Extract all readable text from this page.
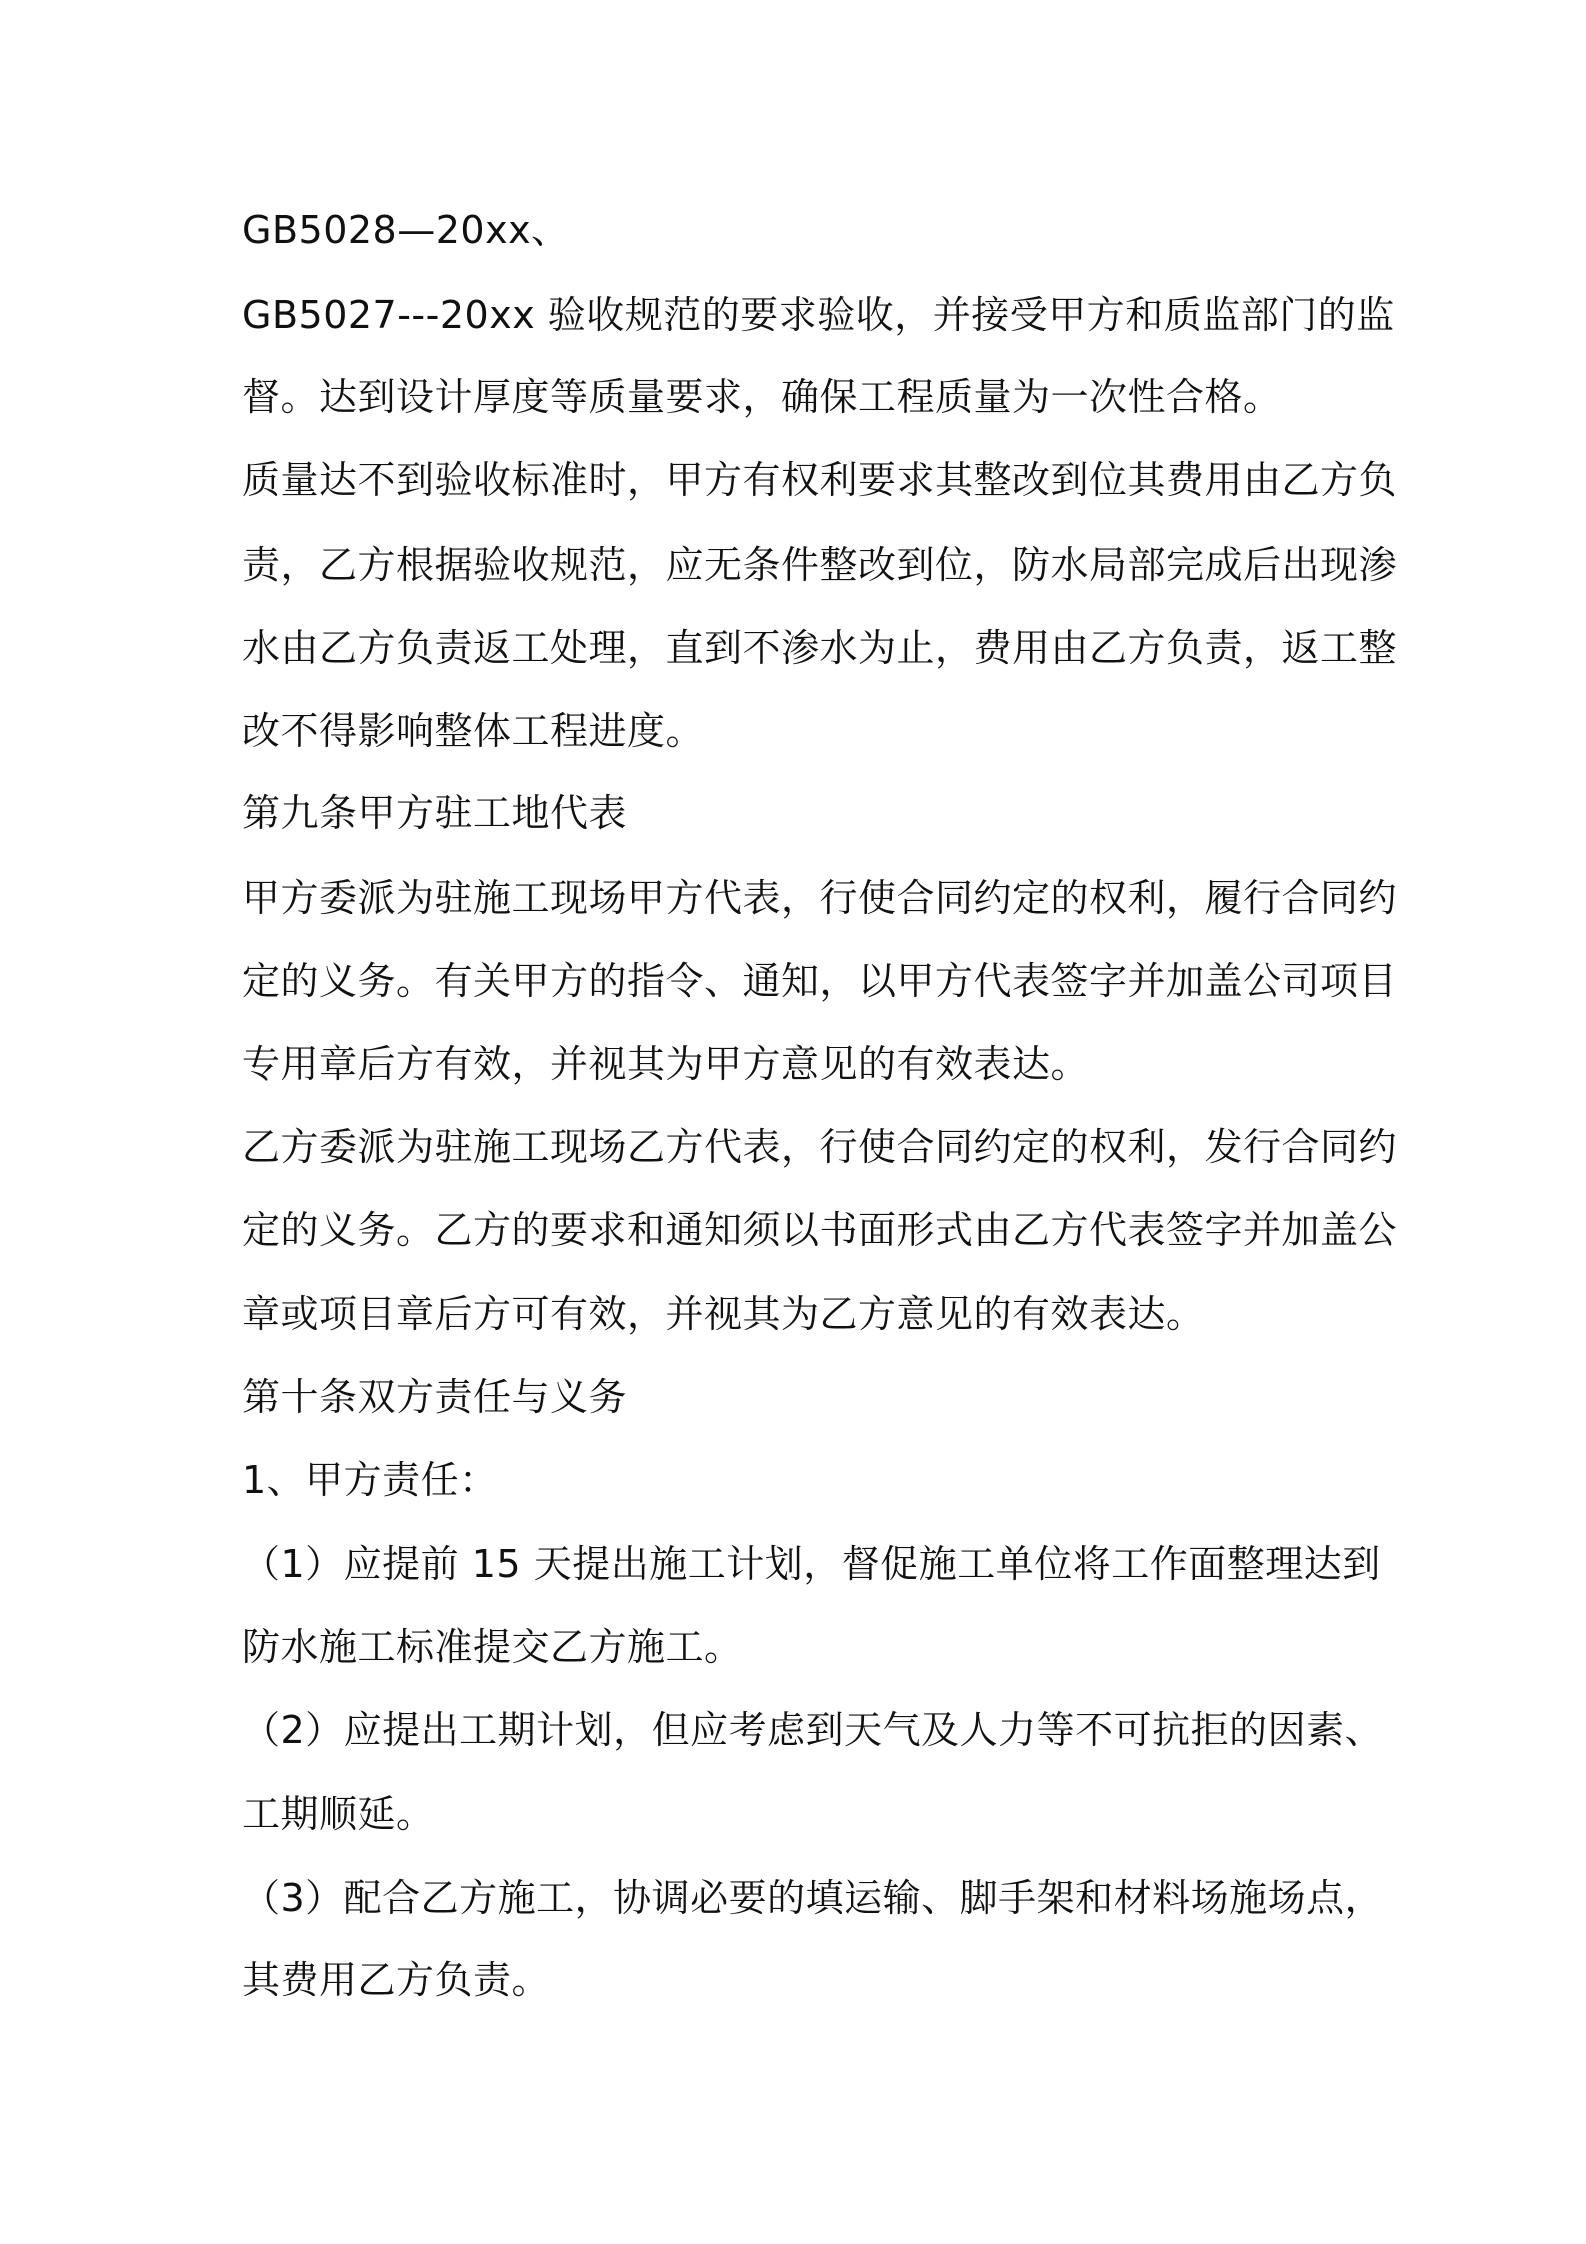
GB5028—20xx、
GB5027---20xx 验收规范的要求验收，并接受甲方和质监部门的监
督。达到设计厚度等质量要求，确保工程质量为一次性合格。
质量达不到验收标准时，甲方有权利要求其整改到位其费用由乙方负
责，乙方根据验收规范，应无条件整改到位，防水局部完成后出现渗
水由乙方负责返工处理，直到不渗水为止，费用由乙方负责，返工整
改不得影响整体工程进度。
第九条甲方驻工地代表
甲方委派为驻施工现场甲方代表，行使合同约定的权利，履行合同约
定的义务。有关甲方的指令、通知，以甲方代表签字并加盖公司项目
专用章后方有效，并视其为甲方意见的有效表达。
乙方委派为驻施工现场乙方代表，行使合同约定的权利，发行合同约
定的义务。乙方的要求和通知须以书面形式由乙方代表签字并加盖公
章或项目章后方可有效，并视其为乙方意见的有效表达。
第十条双方责任与义务
1、甲方责任：
（1）应提前 15 天提出施工计划，督促施工单位将工作面整理达到
防水施工标准提交乙方施工。
（2）应提出工期计划，但应考虑到天气及人力等不可抗拒的因素、
工期顺延。
（3）配合乙方施工，协调必要的填运输、脚手架和材料场施场点，
其费用乙方负责。
